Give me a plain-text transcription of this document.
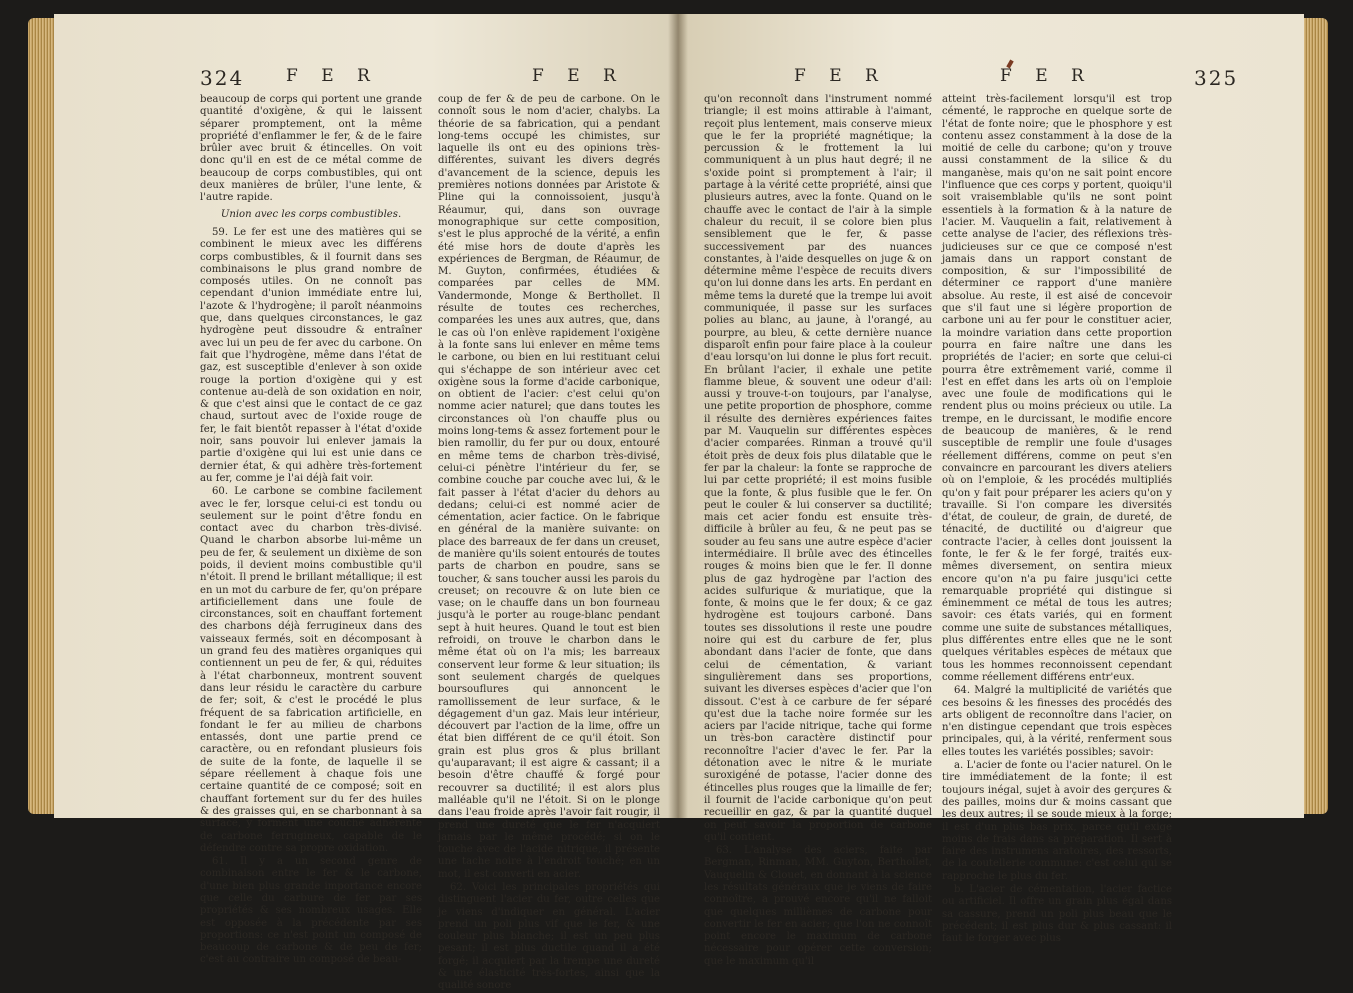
324 F E R	F E R

beaucoup de corps qui portent une grande quantité d'oxigène, & qui le laissent séparer promptement, ont la même propriété d'enflammer le fer, & de le faire brûler avec bruit & étincelles. On voit donc qu'il en est de ce métal comme de beaucoup de corps combustibles, qui ont deux manières de brûler, l'une lente, & l'autre rapide.

Union avec les corps combustibles.

59. Le fer est une des matières qui se combinent le mieux avec les différens corps combustibles, & il fournit dans ses combinaisons le plus grand nombre de composés utiles. On ne connoît pas cependant d'union immédiate entre lui, l'azote & l'hydrogène; il paroît néanmoins que, dans quelques circonstances, le gaz hydrogène peut dissoudre & entraîner avec lui un peu de fer avec du carbone. On fait que l'hydrogène, même dans l'état de gaz, est susceptible d'enlever à son oxide rouge la portion d'oxigène qui y est contenue au-delà de son oxidation en noir, & que c'est ainsi que le contact de ce gaz chaud, surtout avec de l'oxide rouge de fer, le fait bientôt repasser à l'état d'oxide noir, sans pouvoir lui enlever jamais la partie d'oxigène qui lui est unie dans ce dernier état, & qui adhère très-fortement au fer, comme je l'ai déjà fait voir.

60. Le carbone se combine facilement avec le fer, lorsque celui-ci est tondu ou seulement sur le point d'être fondu en contact avec du charbon très-divisé. Quand le charbon absorbe lui-même un peu de fer, & seulement un dixième de son poids, il devient moins combustible qu'il n'étoit. Il prend le brillant métallique; il est en un mot du carbure de fer, qu'on prépare artificiellement dans une foule de circonstances, soit en chauffant fortement des charbons déjà ferrugineux dans des vaisseaux fermés, soit en décomposant à un grand feu des matières organiques qui contiennent un peu de fer, & qui, réduites à l'état charbonneux, montrent souvent dans leur résidu le caractère du carbure de fer; soit, & c'est le procédé le plus fréquent de sa fabrication artificielle, en fondant le fer au milieu de charbons entassés, dont une partie prend ce caractère, ou en refondant plusieurs fois de suite de la fonte, de laquelle il se sépare réellement à chaque fois une certaine quantité de ce composé; soit en chauffant fortement sur du fer des huiles & des graisses qui, en se charbonnant à sa surface, y forment une couche adhérente de carbone ferrugineux, capable de le défendre contre sa propre oxidation.

61. Il y a un second genre de combinaison entre le fer & le carbone, d'une bien plus grande importance encore que celle du carbure de fer par ses propriétés & ses nombreux usages. Elle est opposée à la précédente par ses proportions: ce n'est point un composé de beaucoup de carbone & de peu de fer; c'est au contraire un composé de beau-

coup de fer & de peu de carbone. On le connoît sous le nom d'acier, chalybs. La théorie de sa fabrication, qui a pendant long-tems occupé les chimistes, sur laquelle ils ont eu des opinions très-différentes, suivant les divers degrés d'avancement de la science, depuis les premières notions données par Aristote & Pline qui la connoissoient, jusqu'à Réaumur, qui, dans son ouvrage monographique sur cette composition, s'est le plus approché de la vérité, a enfin été mise hors de doute d'après les expériences de Bergman, de Réaumur, de M. Guyton, confirmées, étudiées & comparées par celles de MM. Vandermonde, Monge & Berthollet. Il résulte de toutes ces recherches, comparées les unes aux autres, que, dans le cas où l'on enlève rapidement l'oxigène à la fonte sans lui enlever en même tems le carbone, ou bien en lui restituant celui qui s'échappe de son intérieur avec cet oxigène sous la forme d'acide carbonique, on obtient de l'acier: c'est celui qu'on nomme acier naturel; que dans toutes les circonstances où l'on chauffe plus ou moins long-tems & assez fortement pour le bien ramollir, du fer pur ou doux, entouré en même tems de charbon très-divisé, celui-ci pénètre l'intérieur du fer, se combine couche par couche avec lui, & le fait passer à l'état d'acier du dehors au dedans; celui-ci est nommé acier de cémentation, acier factice. On le fabrique en général de la manière suivante: on place des barreaux de fer dans un creuset, de manière qu'ils soient entourés de toutes parts de charbon en poudre, sans se toucher, & sans toucher aussi les parois du creuset; on recouvre & on lute bien ce vase; on le chauffe dans un bon fourneau jusqu'à le porter au rouge-blanc pendant sept à huit heures. Quand le tout est bien refroidi, on trouve le charbon dans le même état où on l'a mis; les barreaux conservent leur forme & leur situation; ils sont seulement chargés de quelques boursouflures qui annoncent le ramollissement de leur surface, & le dégagement d'un gaz. Mais leur intérieur, découvert par l'action de la lime, offre un état bien différent de ce qu'il étoit. Son grain est plus gros & plus brillant qu'auparavant; il est aigre & cassant; il a besoin d'être chauffé & forgé pour recouvrer sa ductilité; il est alors plus malléable qu'il ne l'étoit. Si on le plonge dans l'eau froide après l'avoir fait rougir, il prend une dureté que le fer n'acquiert jamais par le même procédé; si on le touche avec de l'acide nitrique, il présente une tache noire à l'endroit touché; en un mot, il est converti en acier.

62. Voici les principales propriétés qui distinguent l'acier du fer, outre celles que je viens d'indiquer en général. L'acier prend un poli plus vif que le fer, & une couleur plus blanche; il est un peu plus pesant; il est plus ductile quand il a été forgé; il acquiert par la trempe une dureté & une élasticité très-fortes, ainsi que la qualité sonore

F E R	F E R	325

qu'on reconnoît dans l'instrument nommé triangle; il est moins attirable à l'aimant, reçoit plus lentement, mais conserve mieux que le fer la propriété magnétique; la percussion & le frottement la lui communiquent à un plus haut degré; il ne s'oxide point si promptement à l'air; il partage à la vérité cette propriété, ainsi que plusieurs autres, avec la fonte. Quand on le chauffe avec le contact de l'air à la simple chaleur du recuit, il se colore bien plus sensiblement que le fer, & passe successivement par des nuances constantes, à l'aide desquelles on juge & on détermine même l'espèce de recuits divers qu'on lui donne dans les arts. En perdant en même tems la dureté que la trempe lui avoit communiquée, il passe sur les surfaces polies au blanc, au jaune, à l'orangé, au pourpre, au bleu, & cette dernière nuance disparoît enfin pour faire place à la couleur d'eau lorsqu'on lui donne le plus fort recuit. En brûlant l'acier, il exhale une petite flamme bleue, & souvent une odeur d'ail: aussi y trouve-t-on toujours, par l'analyse, une petite proportion de phosphore, comme il résulte des dernières expériences faites par M. Vauquelin sur différentes espèces d'acier comparées. Rinman a trouvé qu'il étoit près de deux fois plus dilatable que le fer par la chaleur: la fonte se rapproche de lui par cette propriété; il est moins fusible que la fonte, & plus fusible que le fer. On peut le couler & lui conserver sa ductilité; mais cet acier fondu est ensuite très-difficile à brûler au feu, & ne peut pas se souder au feu sans une autre espèce d'acier intermédiaire. Il brûle avec des étincelles rouges & moins bien que le fer. Il donne plus de gaz hydrogène par l'action des acides sulfurique & muriatique, que la fonte, & moins que le fer doux; & ce gaz hydrogène est toujours carboné. Dans toutes ses dissolutions il reste une poudre noire qui est du carbure de fer, plus abondant dans l'acier de fonte, que dans celui de cémentation, & variant singulièrement dans ses proportions, suivant les diverses espèces d'acier que l'on dissout. C'est à ce carbure de fer séparé qu'est due la tache noire formée sur les aciers par l'acide nitrique, tache qui forme un très-bon caractère distinctif pour reconnoître l'acier d'avec le fer. Par la détonation avec le nitre & le muriate suroxigéné de potasse, l'acier donne des étincelles plus rouges que la limaille de fer; il fournit de l'acide carbonique qu'on peut recueillir en gaz, & par la quantité duquel on peut savoir la proportion de carbone qu'il contient.

63. L'analyse des aciers, faite par Bergman, Rinman, MM. Guyton, Berthollet, Vauquelin & Clouet, en donnant à la science les résultats généraux que je viens de faire connoître, a prouvé encore qu'il ne falloit que quelques millièmes de carbone pour convertir le fer en acier; que l'on ne connoît point encore le maximum de carbone nécessaire pour opérer cette conversion; que le maximum qu'il

atteint très-facilement lorsqu'il est trop cémenté, le rapproche en quelque sorte de l'état de fonte noire; que le phosphore y est contenu assez constamment à la dose de la moitié de celle du carbone; qu'on y trouve aussi constamment de la silice & du manganèse, mais qu'on ne sait point encore l'influence que ces corps y portent, quoiqu'il soit vraisemblable qu'ils ne sont point essentiels à la formation & à la nature de l'acier. M. Vauquelin a fait, relativement à cette analyse de l'acier, des réflexions très-judicieuses sur ce que ce composé n'est jamais dans un rapport constant de composition, & sur l'impossibilité de déterminer ce rapport d'une manière absolue. Au reste, il est aisé de concevoir que s'il faut une si légère proportion de carbone uni au fer pour le constituer acier, la moindre variation dans cette proportion pourra en faire naître une dans les propriétés de l'acier; en sorte que celui-ci pourra être extrêmement varié, comme il l'est en effet dans les arts où on l'emploie avec une foule de modifications qui le rendent plus ou moins précieux ou utile. La trempe, en le durcissant, le modifie encore de beaucoup de manières, & le rend susceptible de remplir une foule d'usages réellement différens, comme on peut s'en convaincre en parcourant les divers ateliers où on l'emploie, & les procédés multipliés qu'on y fait pour préparer les aciers qu'on y travaille. Si l'on compare les diversités d'état, de couleur, de grain, de dureté, de ténacité, de ductilité ou d'aigreur que contracte l'acier, à celles dont jouissent la fonte, le fer & le fer forgé, traités eux-mêmes diversement, on sentira mieux encore qu'on n'a pu faire jusqu'ici cette remarquable propriété qui distingue si éminemment ce métal de tous les autres; savoir: ces états variés, qui en forment comme une suite de substances métalliques, plus différentes entre elles que ne le sont quelques véritables espèces de métaux que tous les hommes reconnoissent cependant comme réellement différens entr'eux.

64. Malgré la multiplicité de variétés que ces besoins & les finesses des procédés des arts obligent de reconnoître dans l'acier, on n'en distingue cependant que trois espèces principales, qui, à la vérité, renferment sous elles toutes les variétés possibles; savoir:

a. L'acier de fonte ou l'acier naturel. On le tire immédiatement de la fonte; il est toujours inégal, sujet à avoir des gerçures & des pailles, moins dur & moins cassant que les deux autres; il se soude mieux à la forge; il est d'un plus bas prix, parce qu'il exige moins de frais dans sa préparation. Il sert à faire des instrumens aratoires, des ressorts, de la coutellerie commune: c'est celui qui se rapproche le plus du fer.

b. L'acier de cémentation, l'acier factice ou artificiel. Il offre un grain plus égal dans sa cassure, prend un poli plus beau que le précédent; il est plus dur & plus cassant: il faut le forger avec plus
